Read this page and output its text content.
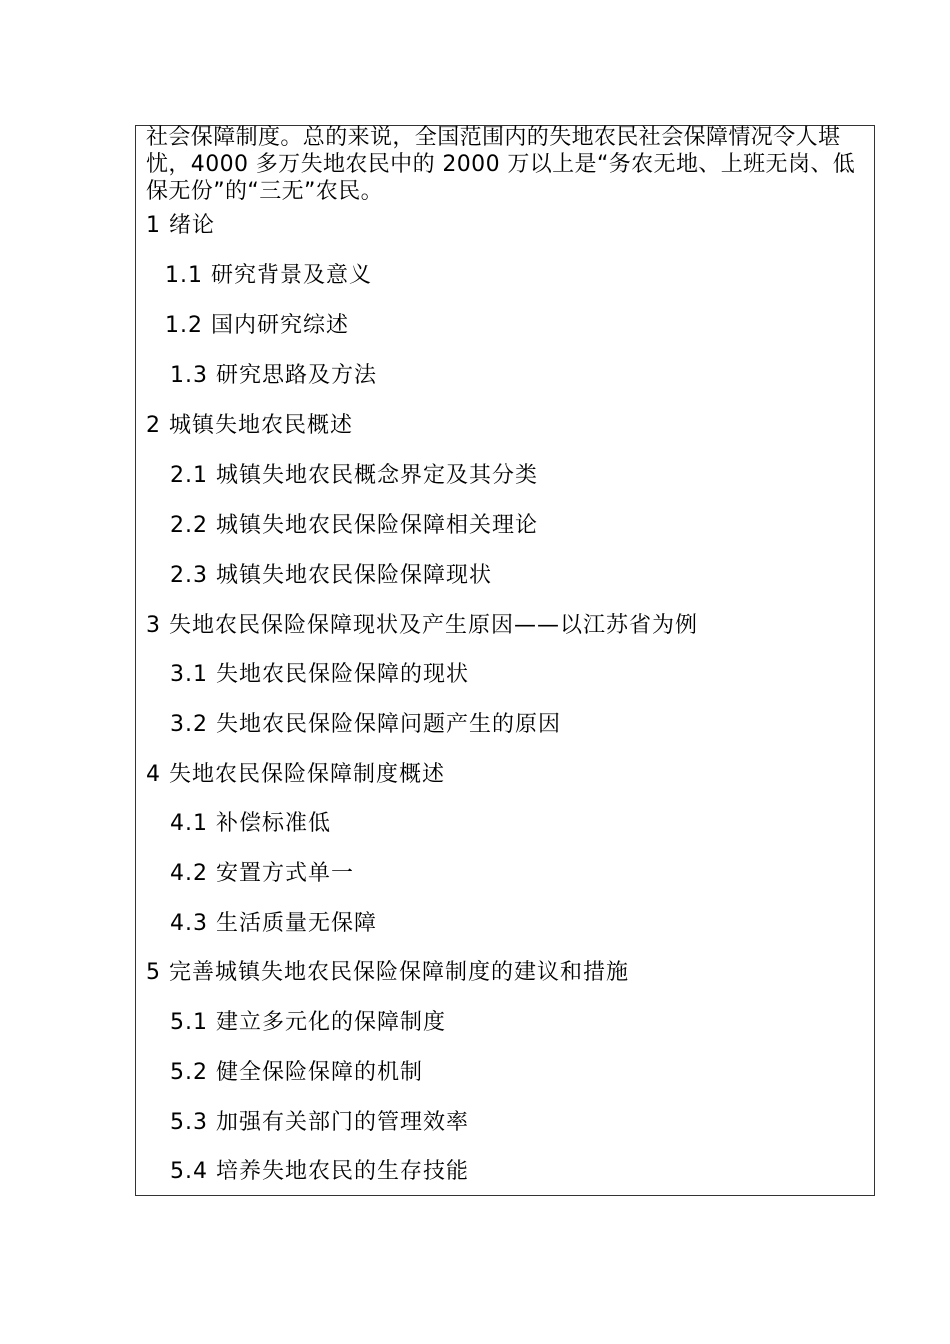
社会保障制度。总的来说，全国范围内的失地农民社会保障情况令人堪忧，4000 多万失地农民中的 2000 万以上是“务农无地、上班无岗、低保无份”的“三无”农民。

1 绪论

1.1 研究背景及意义

1.2 国内研究综述

1.3 研究思路及方法

2 城镇失地农民概述

2.1 城镇失地农民概念界定及其分类

2.2 城镇失地农民保险保障相关理论

2.3 城镇失地农民保险保障现状

3 失地农民保险保障现状及产生原因——以江苏省为例

3.1 失地农民保险保障的现状

3.2 失地农民保险保障问题产生的原因

4 失地农民保险保障制度概述

4.1 补偿标准低

4.2 安置方式单一

4.3 生活质量无保障

5 完善城镇失地农民保险保障制度的建议和措施

5.1 建立多元化的保障制度

5.2 健全保险保障的机制

5.3 加强有关部门的管理效率

5.4 培养失地农民的生存技能
